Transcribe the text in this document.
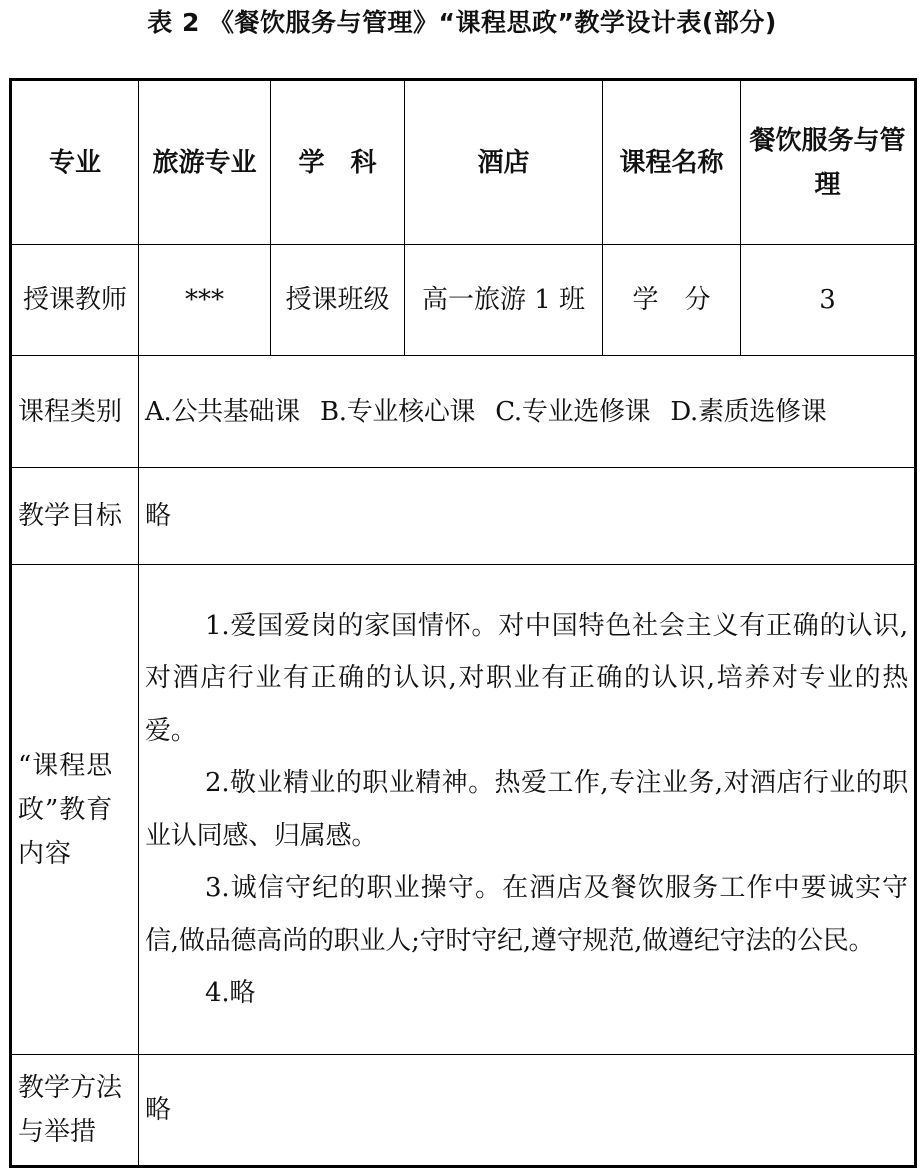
表 2 《餐饮服务与管理》“课程思政”教学设计表(部分)
专业	旅游专业	学　科	酒店	课程名称	餐饮服务与管理
授课教师	***	授课班级	高一旅游 1 班	学　分	3
课程类别	A.公共基础课 B.专业核心课 C.专业选修课 D.素质选修课				

教学目标	略				
“课程思政”教育内容	1.爱国爱岗的家国情怀。对中国特色社会主义有正确的认识,对酒店行业有正确的认识,对职业有正确的认识,培养对专业的热爱。

2.敬业精业的职业精神。热爱工作,专注业务,对酒店行业的职业认同感、归属感。

3.诚信守纪的职业操守。在酒店及餐饮服务工作中要诚实守信,做品德高尚的职业人;守时守纪,遵守规范,做遵纪守法的公民。

4.略				

教学方法与举措	略				
